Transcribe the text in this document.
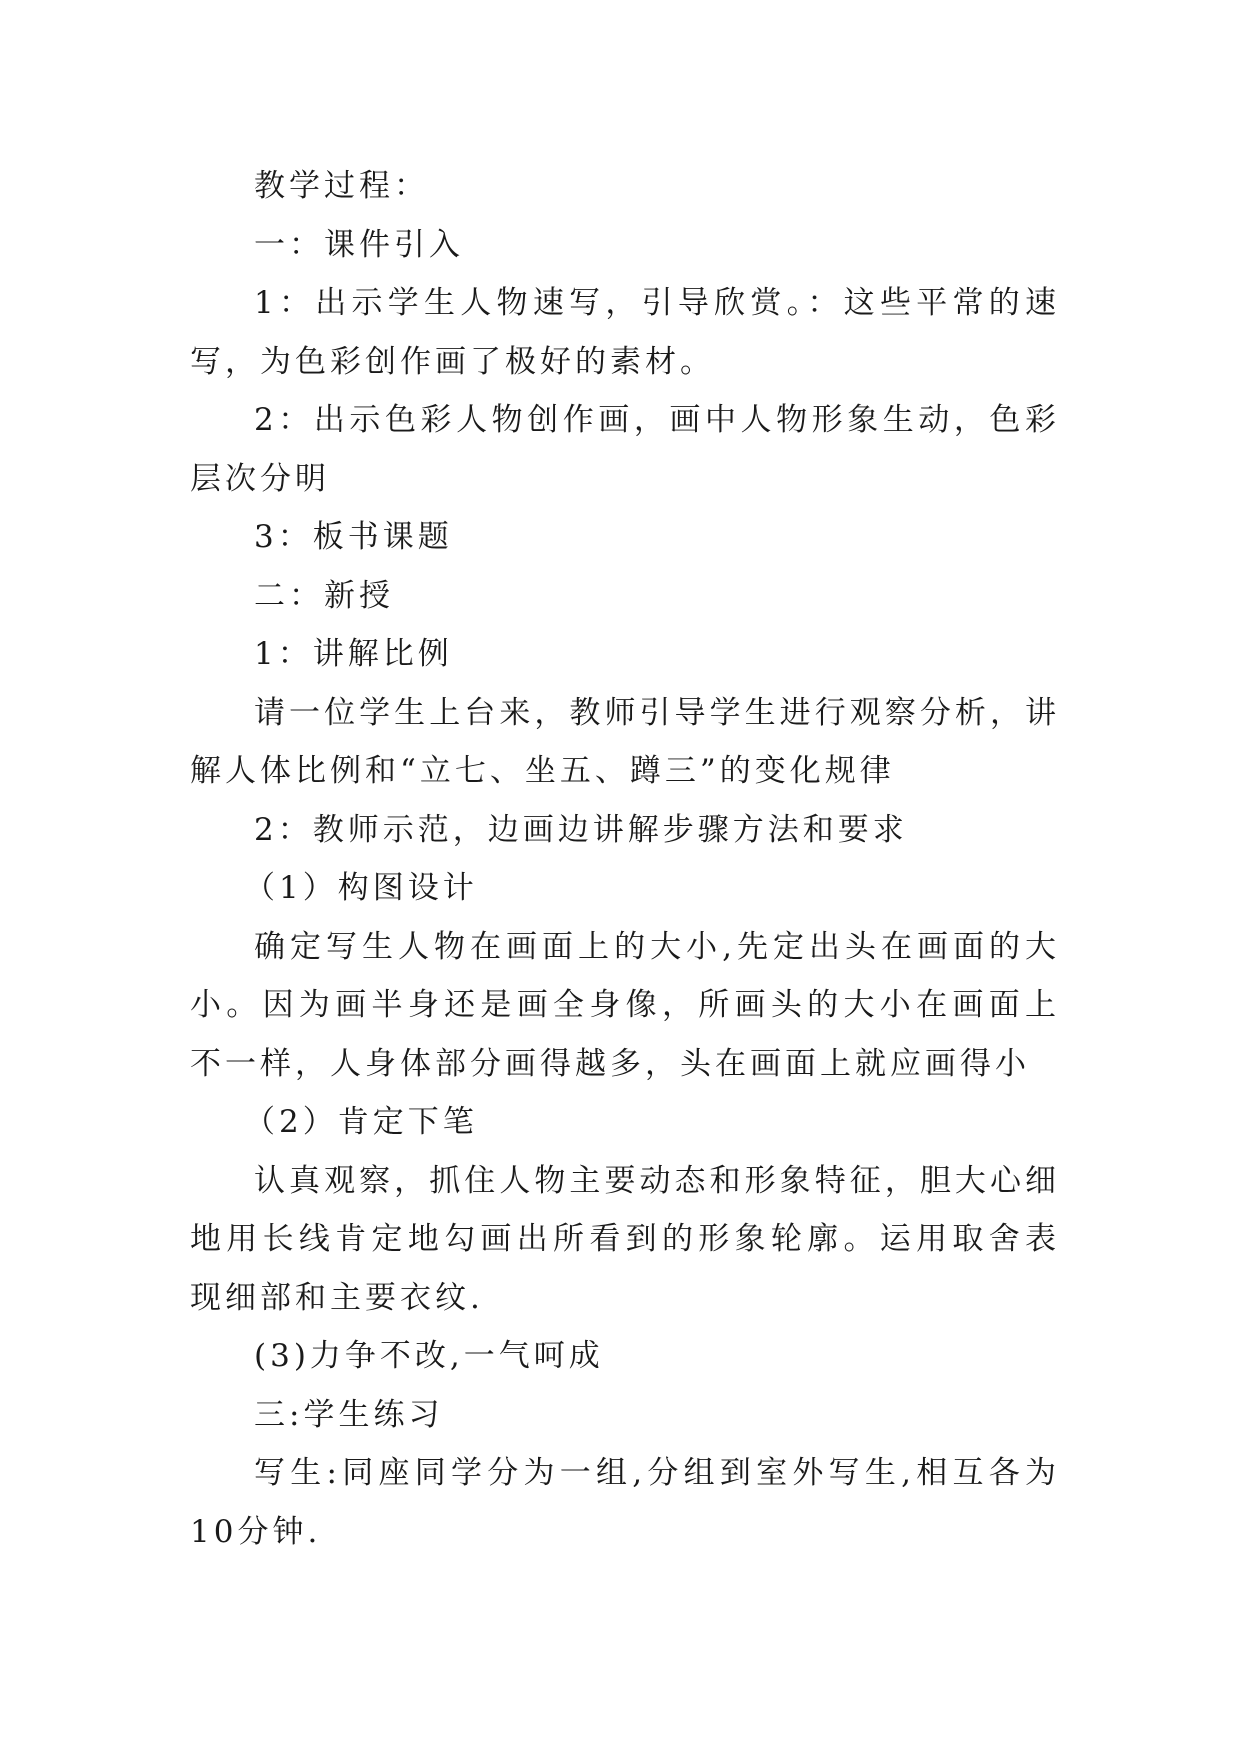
教学过程：

一：课件引入

1：出示学生人物速写，引导欣赏。：这些平常的速写，为色彩创作画了极好的素材。

2：出示色彩人物创作画，画中人物形象生动，色彩层次分明

3：板书课题

二：新授

1：讲解比例

请一位学生上台来，教师引导学生进行观察分析，讲解人体比例和“立七、坐五、蹲三”的变化规律

2：教师示范，边画边讲解步骤方法和要求

（1）构图设计

确定写生人物在画面上的大小,先定出头在画面的大小。因为画半身还是画全身像，所画头的大小在画面上不一样，人身体部分画得越多，头在画面上就应画得小

（2）肯定下笔

认真观察，抓住人物主要动态和形象特征，胆大心细地用长线肯定地勾画出所看到的形象轮廓。运用取舍表现细部和主要衣纹.

(3)力争不改,一气呵成

三:学生练习

写生:同座同学分为一组,分组到室外写生,相互各为10分钟.
